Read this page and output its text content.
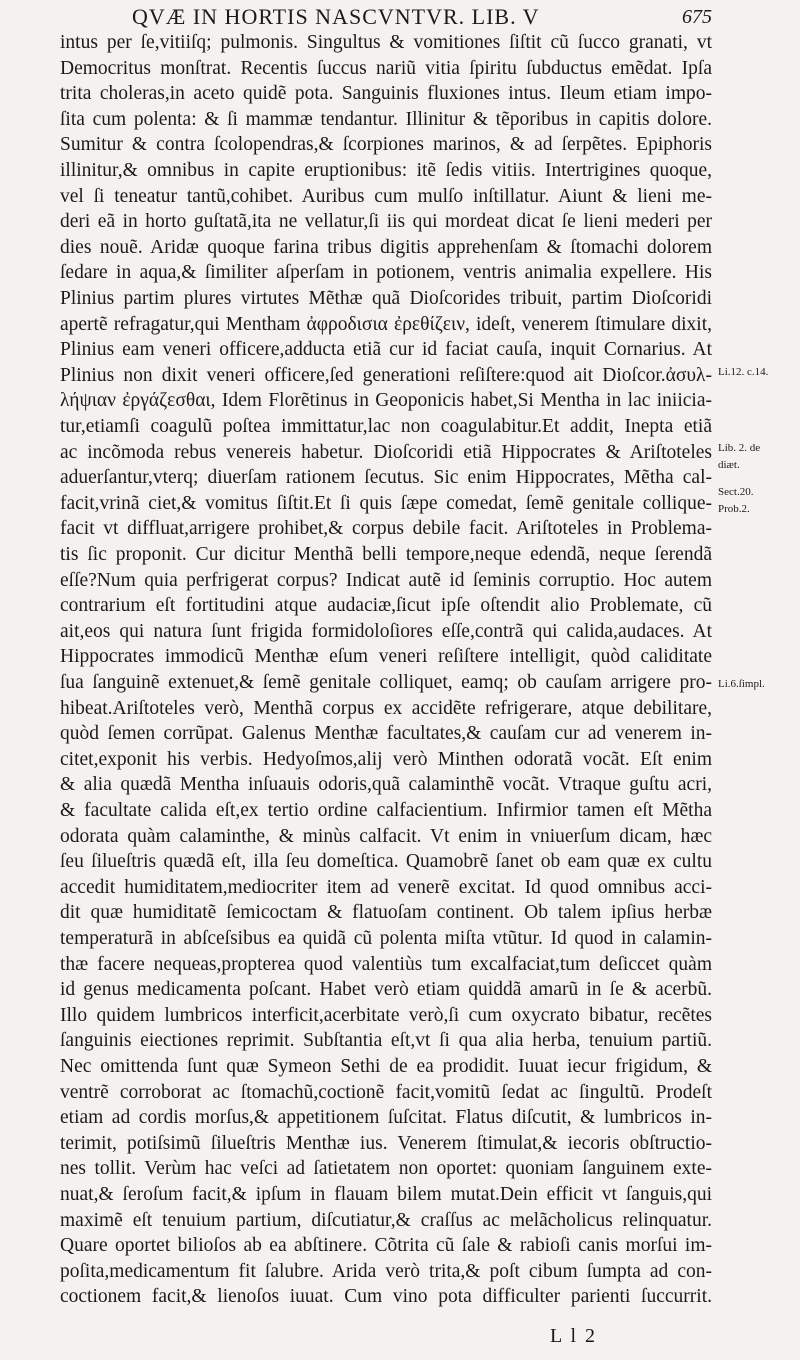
QVÆ IN HORTIS NASCVNTVR. LIB. V	675
intus per ſe,vitiiſq; pulmonis. Singultus & vomitiones ſiſtit cũ ſucco granati, vt
Democritus monſtrat. Recentis ſuccus nariũ vitia ſpiritu ſubductus emẽdat. Ipſa
trita choleras,in aceto quidẽ pota. Sanguinis fluxiones intus. Ileum etiam impo-
ſita cum polenta: & ſi mammæ tendantur. Illinitur & tẽporibus in capitis dolore.
Sumitur & contra ſcolopendras,& ſcorpiones marinos, & ad ſerpẽtes. Epiphoris
illinitur,& omnibus in capite eruptionibus: itẽ ſedis vitiis. Intertrigines quoque,
vel ſi teneatur tantũ,cohibet. Auribus cum mulſo inſtillatur. Aiunt & lieni me-
deri eã in horto guſtatã,ita ne vellatur,ſi iis qui mordeat dicat ſe lieni mederi per
dies nouẽ. Aridæ quoque farina tribus digitis apprehenſam & ſtomachi dolorem
ſedare in aqua,& ſimiliter aſperſam in potionem, ventris animalia expellere. His
Plinius partim plures virtutes Mẽthæ quã Dioſcorides tribuit, partim Dioſcoridi
apertẽ refragatur,qui Mentham ἀφροδισια ἐρεθίζειν, ideſt, venerem ſtimulare dixit,
Plinius eam veneri officere,adducta etiã cur id faciat cauſa, inquit Cornarius. At
Plinius non dixit veneri officere,ſed generationi reſiſtere:quod ait Dioſcor.ἀσυλ-
λήψιαν ἐργάζεσθαι, Idem Florẽtinus in Geoponicis habet,Si Mentha in lac iniicia-
tur,etiamſi coagulũ poſtea immittatur,lac non coagulabitur.Et addit, Inepta etiã
ac incõmoda rebus venereis habetur. Dioſcoridi etiã Hippocrates & Ariſtoteles
aduerſantur,vterq; diuerſam rationem ſecutus. Sic enim Hippocrates, Mẽtha cal-
facit,vrinã ciet,& vomitus ſiſtit.Et ſi quis ſæpe comedat, ſemẽ genitale collique-
facit vt diffluat,arrigere prohibet,& corpus debile facit. Ariſtoteles in Problema-
tis ſic proponit. Cur dicitur Menthã belli tempore,neque edendã, neque ſerendã
eſſe?Num quia perfrigerat corpus? Indicat autẽ id ſeminis corruptio. Hoc autem
contrarium eſt fortitudini atque audaciæ,ſicut ipſe oſtendit alio Problemate, cũ
ait,eos qui natura ſunt frigida formidoloſiores eſſe,contrã qui calida,audaces. At
Hippocrates immodicũ Menthæ eſum veneri reſiſtere intelligit, quòd caliditate
ſua ſanguinẽ extenuet,& ſemẽ genitale colliquet, eamq; ob cauſam arrigere pro-
hibeat.Ariſtoteles verò, Menthã corpus ex accidẽte refrigerare, atque debilitare,
quòd ſemen corrũpat. Galenus Menthæ facultates,& cauſam cur ad venerem in-
citet,exponit his verbis. Hedyoſmos,alij verò Minthen odoratã vocãt. Eſt enim
& alia quædã Mentha inſuauis odoris,quã calaminthẽ vocãt. Vtraque guſtu acri,
& facultate calida eſt,ex tertio ordine calfacientium. Infirmior tamen eſt Mẽtha
odorata quàm calaminthe, & minùs calfacit. Vt enim in vniuerſum dicam, hæc
ſeu ſilueſtris quædã eſt, illa ſeu domeſtica. Quamobrẽ ſanet ob eam quæ ex cultu
accedit humiditatem,mediocriter item ad venerẽ excitat. Id quod omnibus acci-
dit quæ humiditatẽ ſemicoctam & flatuoſam continent. Ob talem ipſius herbæ
temperaturã in abſceſsibus ea quidã cũ polenta miſta vtũtur. Id quod in calamin-
thæ facere nequeas,propterea quod valentiùs tum excalfaciat,tum deſiccet quàm
id genus medicamenta poſcant. Habet verò etiam quiddã amarũ in ſe & acerbũ.
Illo quidem lumbricos interficit,acerbitate verò,ſi cum oxycrato bibatur, recẽtes
ſanguinis eiectiones reprimit. Subſtantia eſt,vt ſi qua alia herba, tenuium partiũ.
Nec omittenda ſunt quæ Symeon Sethi de ea prodidit. Iuuat iecur frigidum, &
ventrẽ corroborat ac ſtomachũ,coctionẽ facit,vomitũ ſedat ac ſingultũ. Prodeſt
etiam ad cordis morſus,& appetitionem ſuſcitat. Flatus diſcutit, & lumbricos in-
terimit, potiſsimũ ſilueſtris Menthæ ius. Venerem ſtimulat,& iecoris obſtructio-
nes tollit. Verùm hac veſci ad ſatietatem non oportet: quoniam ſanguinem exte-
nuat,& ſeroſum facit,& ipſum in flauam bilem mutat.Dein efficit vt ſanguis,qui
maximẽ eſt tenuium partium, diſcutiatur,& craſſus ac melãcholicus relinquatur.
Quare oportet bilioſos ab ea abſtinere. Cõtrita cũ ſale & rabioſi canis morſui im-
poſita,medicamentum fit ſalubre. Arida verò trita,& poſt cibum ſumpta ad con-
coctionem facit,& lienoſos iuuat. Cum vino pota difficulter parienti ſuccurrit.
Li.12. c.14.
Lib. 2. de
diæt.
Sect.20.
Prob.2.
Li.6.ſimpl.
L l 2
